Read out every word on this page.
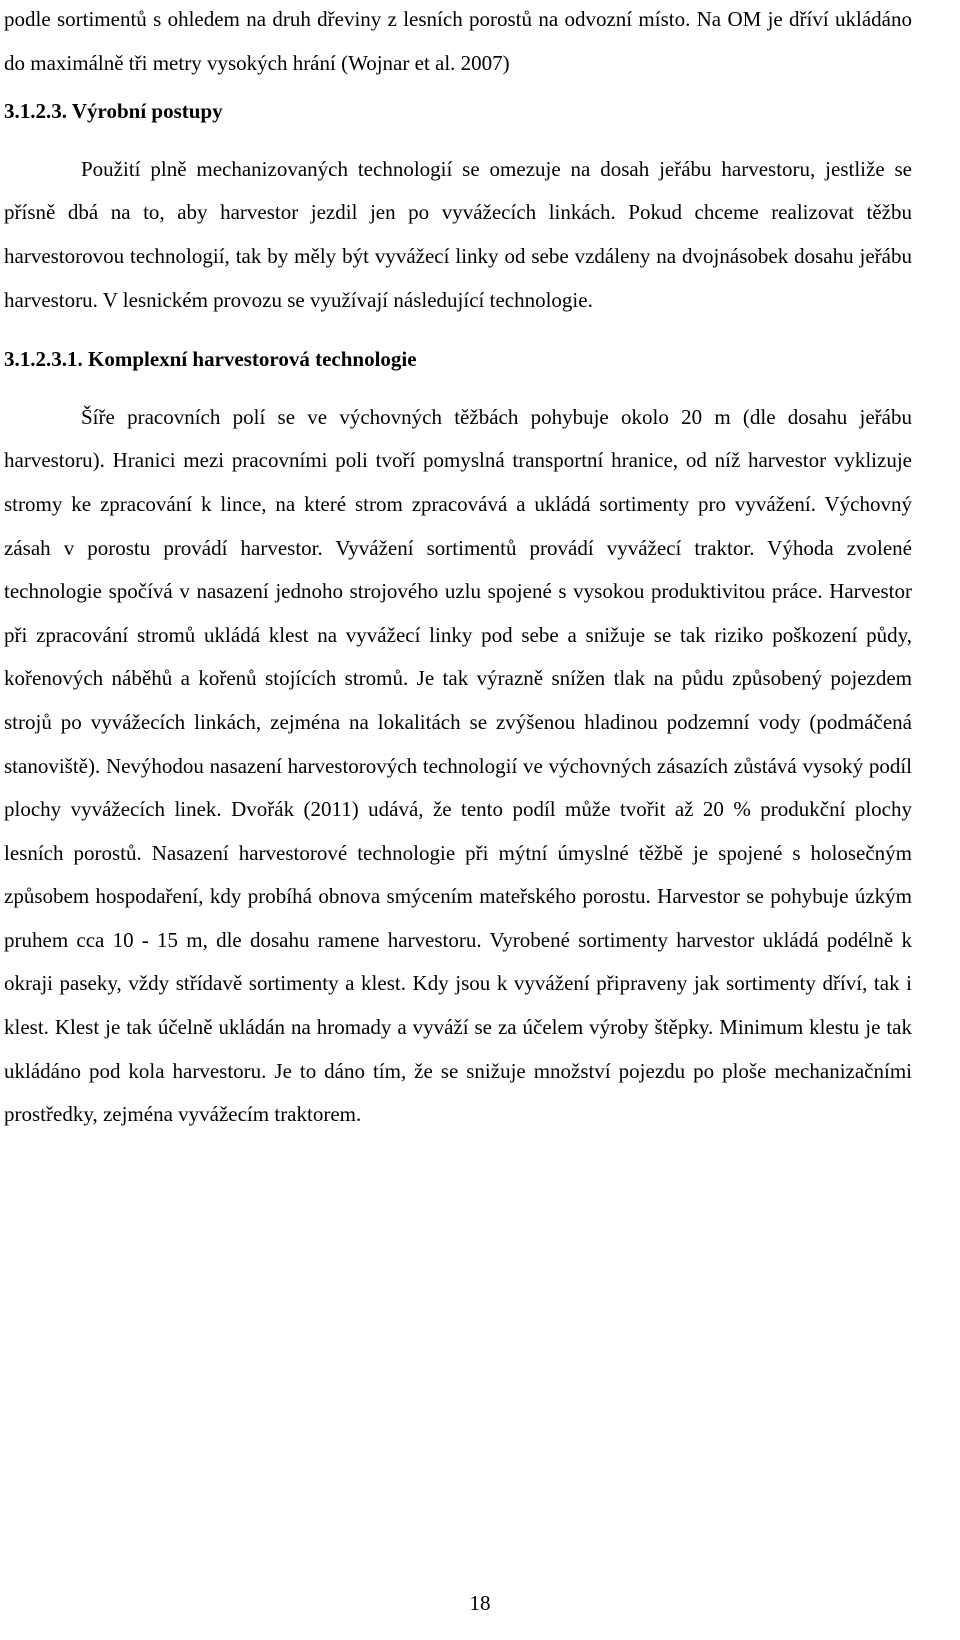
podle sortimentů s ohledem na druh dřeviny z lesních porostů na odvozní místo. Na OM je dříví ukládáno do maximálně tři metry vysokých hrání (Wojnar et al. 2007)

3.1.2.3. Výrobní postupy

Použití plně mechanizovaných technologií se omezuje na dosah jeřábu harvestoru, jestliže se přísně dbá na to, aby harvestor jezdil jen po vyvážecích linkách. Pokud chceme realizovat těžbu harvestorovou technologií, tak by měly být vyvážecí linky od sebe vzdáleny na dvojnásobek dosahu jeřábu harvestoru. V lesnickém provozu se využívají následující technologie.

3.1.2.3.1. Komplexní harvestorová technologie

Šíře pracovních polí se ve výchovných těžbách pohybuje okolo 20 m (dle dosahu jeřábu harvestoru). Hranici mezi pracovními poli tvoří pomyslná transportní hranice, od níž harvestor vyklizuje stromy ke zpracování k lince, na které strom zpracovává a ukládá sortimenty pro vyvážení. Výchovný zásah v porostu provádí harvestor. Vyvážení sortimentů provádí vyvážecí traktor. Výhoda zvolené technologie spočívá v nasazení jednoho strojového uzlu spojené s vysokou produktivitou práce. Harvestor při zpracování stromů ukládá klest na vyvážecí linky pod sebe a snižuje se tak riziko poškození půdy, kořenových náběhů a kořenů stojících stromů. Je tak výrazně snížen tlak na půdu způsobený pojezdem strojů po vyvážecích linkách, zejména na lokalitách se zvýšenou hladinou podzemní vody (podmáčená stanoviště). Nevýhodou nasazení harvestorových technologií ve výchovných zásazích zůstává vysoký podíl plochy vyvážecích linek. Dvořák (2011) udává, že tento podíl může tvořit až 20 % produkční plochy lesních porostů. Nasazení harvestorové technologie při mýtní úmyslné těžbě je spojené s holosečným způsobem hospodaření, kdy probíhá obnova smýcením mateřského porostu. Harvestor se pohybuje úzkým pruhem cca 10 - 15 m, dle dosahu ramene harvestoru. Vyrobené sortimenty harvestor ukládá podélně k okraji paseky, vždy střídavě sortimenty a klest. Kdy jsou k vyvážení připraveny jak sortimenty dříví, tak i klest. Klest je tak účelně ukládán na hromady a vyváží se za účelem výroby štěpky. Minimum klestu je tak ukládáno pod kola harvestoru. Je to dáno tím, že se snižuje množství pojezdu po ploše mechanizačními prostředky, zejména vyvážecím traktorem.

18
